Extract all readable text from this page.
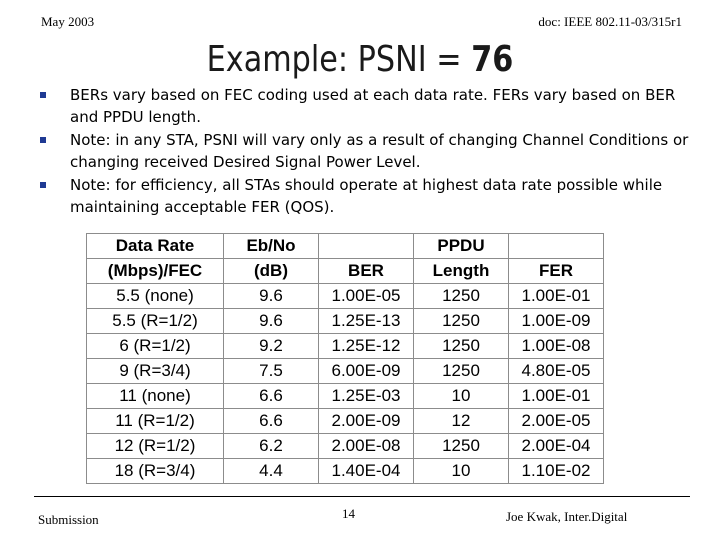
May 2003	doc: IEEE 802.11-03/315r1
Example: PSNI = 76
BERs vary based on FEC coding used at each data rate. FERs vary based on BER and PPDU length.
Note: in any STA, PSNI will vary only as a result of changing Channel Conditions or changing received Desired Signal Power Level.
Note: for efficiency, all STAs should operate at highest data rate possible while maintaining acceptable FER (QOS).
Data Rate	Eb/No		PPDU	
(Mbps)/FEC	(dB)	BER	Length	FER
5.5 (none)	9.6	1.00E-05	1250	1.00E-01
5.5 (R=1/2)	9.6	1.25E-13	1250	1.00E-09
6 (R=1/2)	9.2	1.25E-12	1250	1.00E-08
9 (R=3/4)	7.5	6.00E-09	1250	4.80E-05
11 (none)	6.6	1.25E-03	10	1.00E-01
11 (R=1/2)	6.6	2.00E-09	12	2.00E-05
12 (R=1/2)	6.2	2.00E-08	1250	2.00E-04
18 (R=3/4)	4.4	1.40E-04	10	1.10E-02
Submission	14	Joe Kwak, Inter.Digital
